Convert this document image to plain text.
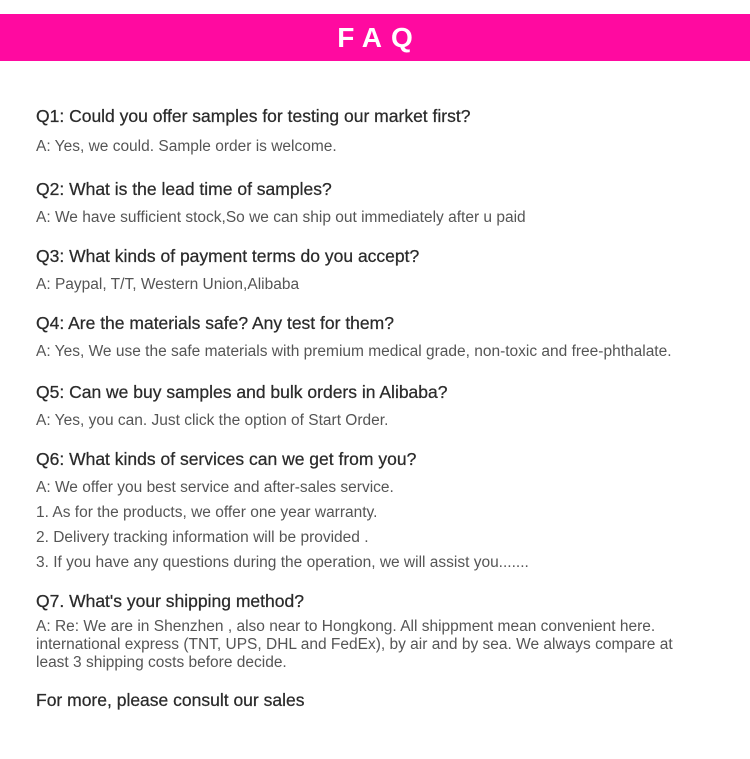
FAQ
Q1: Could you offer samples for testing our market first?
A: Yes, we could. Sample order is welcome.
Q2: What is the lead time of samples?
A: We have sufficient stock,So we can ship out immediately after u paid
Q3: What kinds of payment terms do you accept?
A: Paypal, T/T, Western Union,Alibaba
Q4: Are the materials safe? Any test for them?
A: Yes, We use the safe materials with premium medical grade, non-toxic and free-phthalate.
Q5: Can we buy samples and bulk orders in Alibaba?
A: Yes, you can. Just click the option of Start Order.
Q6: What kinds of services can we get from you?
A: We offer you best service and after-sales service.
1. As for the products, we offer one year warranty.
2. Delivery tracking information will be provided .
3. If you have any questions during the operation, we will assist you.......
Q7. What's your shipping method?
A: Re: We are in Shenzhen , also near to Hongkong. All shippment mean convenient here.
international express (TNT, UPS, DHL and FedEx), by air and by sea. We always compare at
least 3 shipping costs before decide.
For more, please consult our sales
